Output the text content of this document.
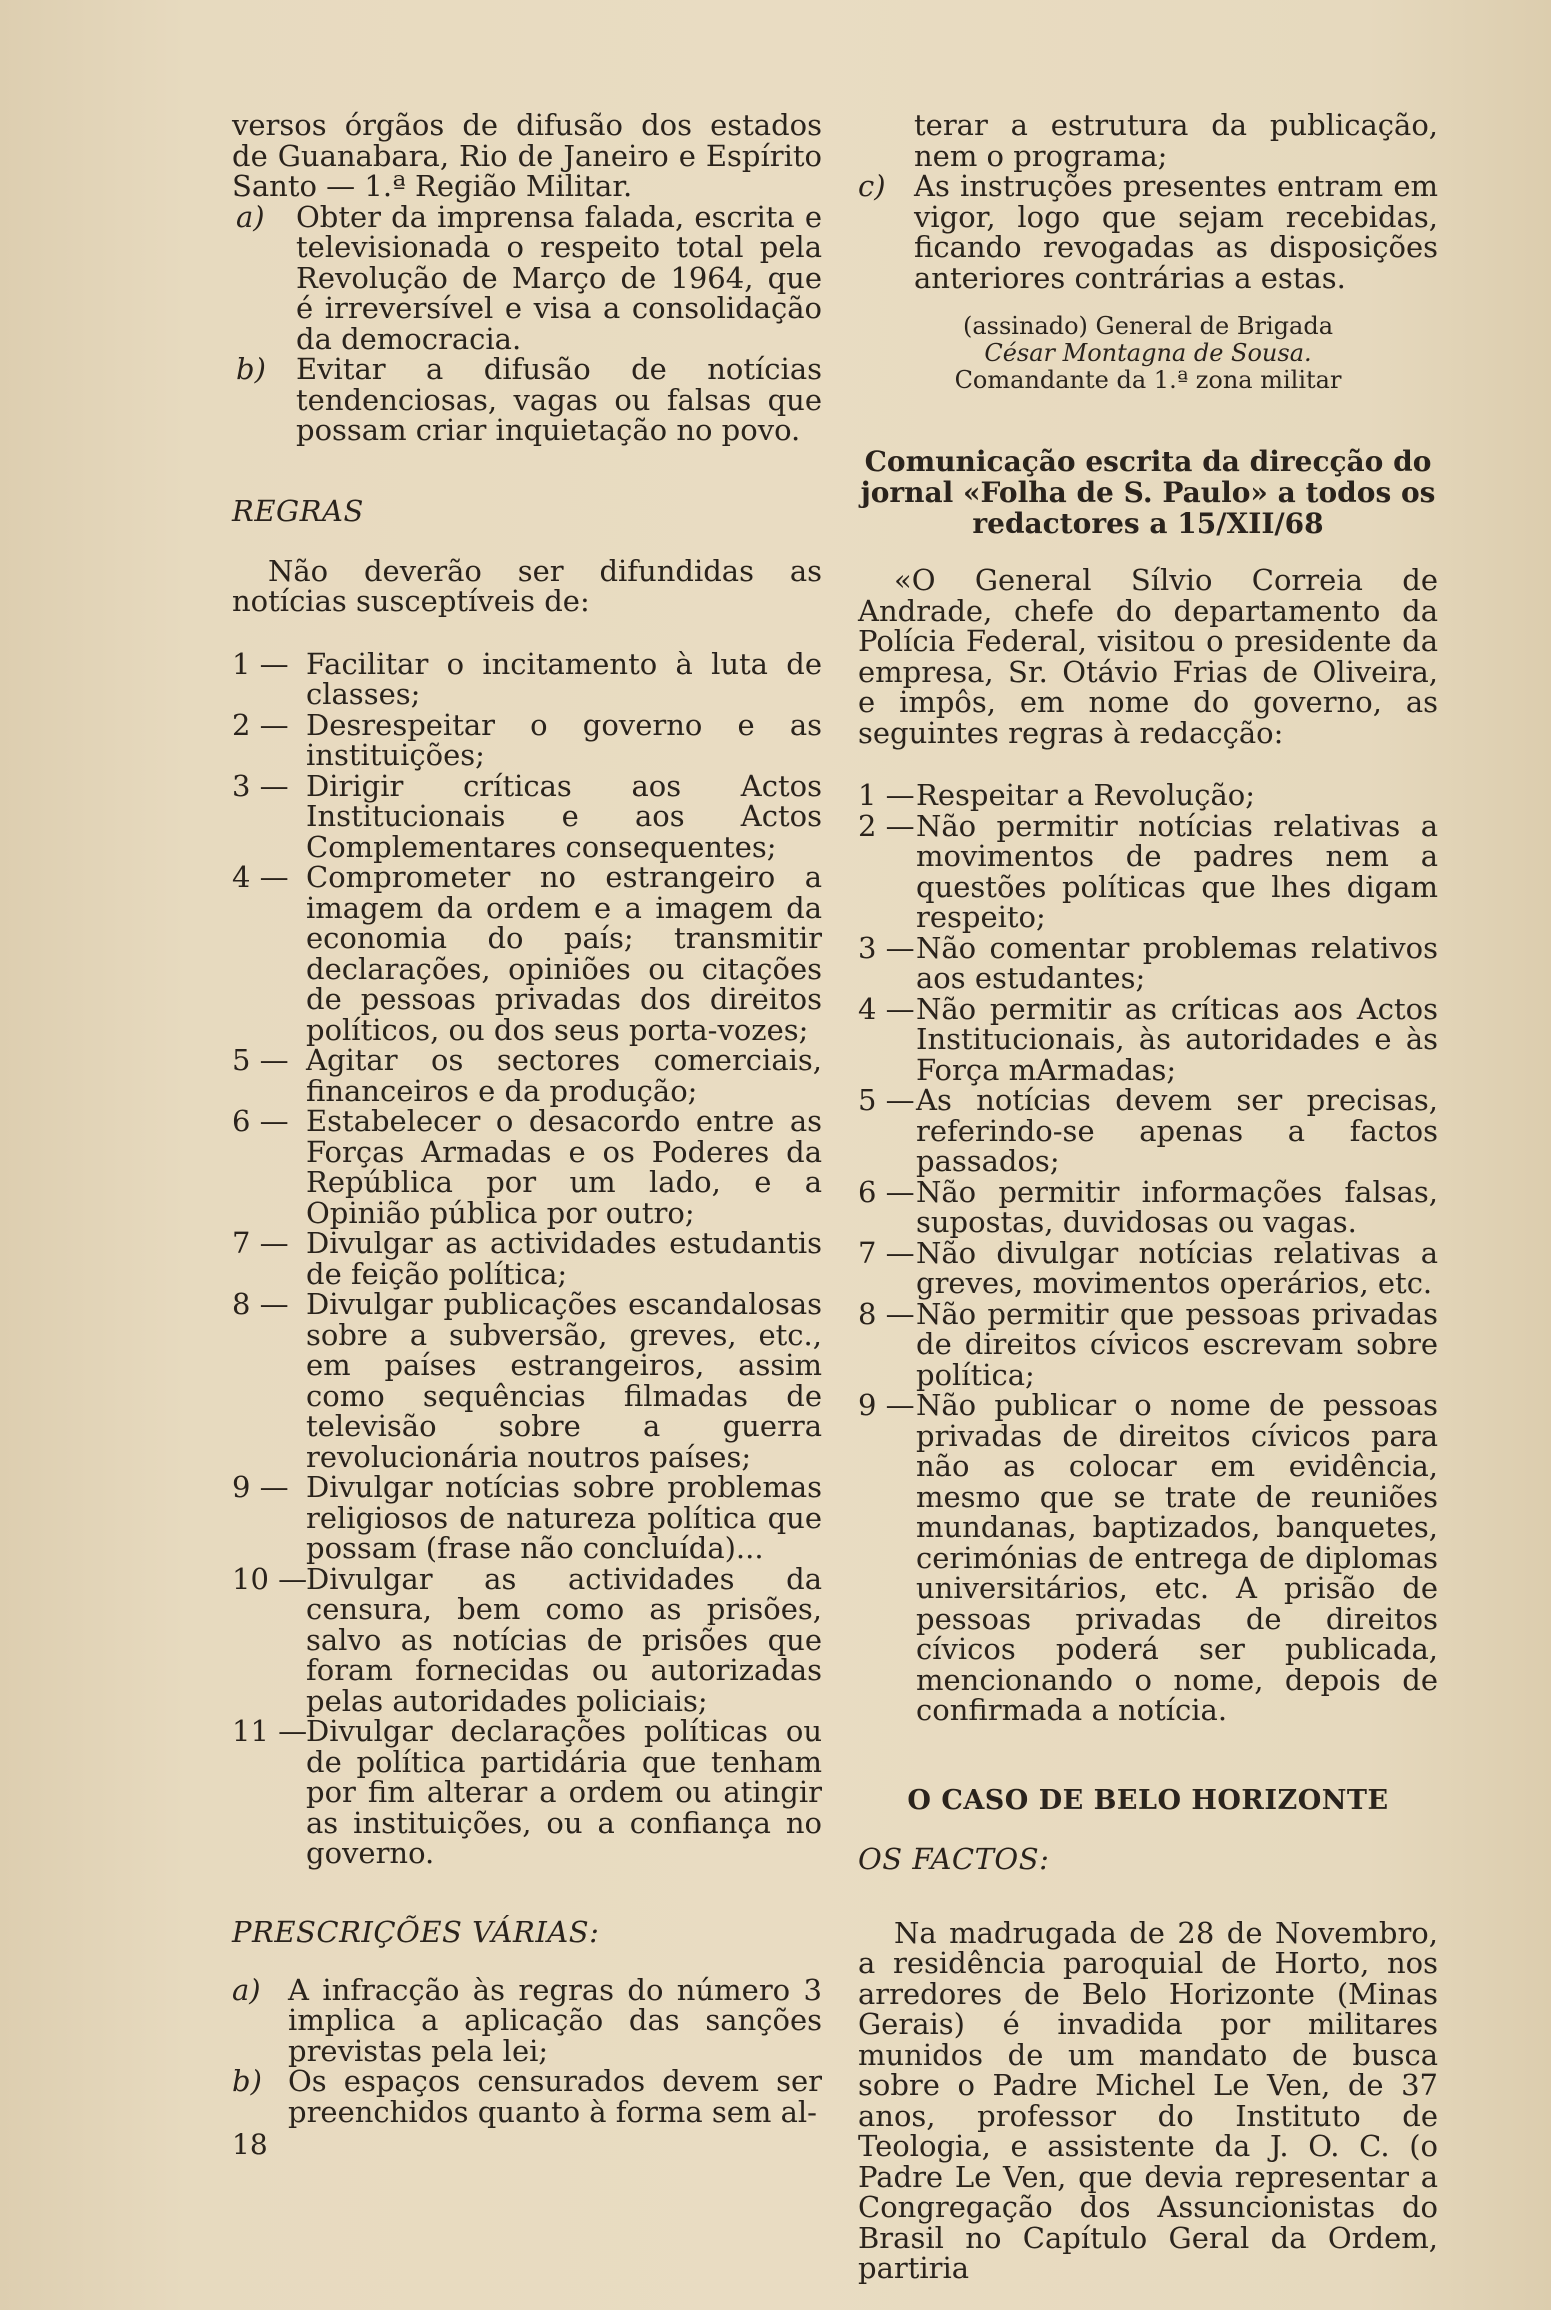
versos órgãos de difusão dos estados de Guanabara, Rio de Janeiro e Espírito Santo — 1.ª Região Militar.

a)	Obter da imprensa falada, escrita e televisionada o respeito total pela Revolução de Março de 1964, que é irreversível e visa a consolidação da democracia.
b)	Evitar a difusão de notícias tendenciosas, vagas ou falsas que possam criar inquietação no povo.
REGRAS

Não deverão ser difundidas as notícias susceptíveis de:

1 — Facilitar o incitamento à luta de classes;
2 — Desrespeitar o governo e as instituições;
3 — Dirigir críticas aos Actos Institucionais e aos Actos Complementares consequentes;
4 — Comprometer no estrangeiro a imagem da ordem e a imagem da economia do país; transmitir declarações, opiniões ou citações de pessoas privadas dos direitos políticos, ou dos seus porta-vozes;
5 — Agitar os sectores comerciais, financeiros e da produção;
6 — Estabelecer o desacordo entre as Forças Armadas e os Poderes da República por um lado, e a Opinião pública por outro;
7 — Divulgar as actividades estudantis de feição política;
8 — Divulgar publicações escandalosas sobre a subversão, greves, etc., em países estrangeiros, assim como sequências filmadas de televisão sobre a guerra revolucionária noutros países;
9 — Divulgar notícias sobre problemas religiosos de natureza política que possam (frase não concluída)...
10 —
Divulgar as actividades da censura, bem como as prisões, salvo as notícias de prisões que foram fornecidas ou autorizadas pelas autoridades policiais;
11 —
Divulgar declarações políticas ou de política partidária que tenham por fim alterar a ordem ou atingir as instituições, ou a confiança no governo.
PRESCRIÇÕES VÁRIAS:
a) A infracção às regras do número 3 implica a aplicação das sanções previstas pela lei;
b) Os espaços censurados devem ser preenchidos quanto à forma sem al-
terar a estrutura da publicação, nem o programa;
c) As instruções presentes entram em vigor, logo que sejam recebidas, ficando revogadas as disposições anteriores contrárias a estas.
(assinado) General de Brigada
César Montagna de Sousa.
Comandante da 1.ª zona militar
Comunicação escrita da direcção do jornal «Folha de S. Paulo» a todos os redactores a 15/XII/68

«O General Sílvio Correia de Andrade, chefe do departamento da Polícia Federal, visitou o presidente da empresa, Sr. Otávio Frias de Oliveira, e impôs, em nome do governo, as seguintes regras à redacção:

1 — Respeitar a Revolução;
2 — Não permitir notícias relativas a movimentos de padres nem a questões políticas que lhes digam respeito;
3 — Não comentar problemas relativos aos estudantes;
4 — Não permitir as críticas aos Actos Institucionais, às autoridades e às Força mArmadas;
5 — As notícias devem ser precisas, referindo-se apenas a factos passados;
6 — Não permitir informações falsas, supostas, duvidosas ou vagas.
7 — Não divulgar notícias relativas a greves, movimentos operários, etc.
8 — Não permitir que pessoas privadas de direitos cívicos escrevam sobre política;
9 — Não publicar o nome de pessoas privadas de direitos cívicos para não as colocar em evidência, mesmo que se trate de reuniões mundanas, baptizados, banquetes, cerimónias de entrega de diplomas universitários, etc. A prisão de pessoas privadas de direitos cívicos poderá ser publicada, mencionando o nome, depois de confirmada a notícia.
O CASO DE BELO HORIZONTE
OS FACTOS:

Na madrugada de 28 de Novembro, a residência paroquial de Horto, nos arredores de Belo Horizonte (Minas Gerais) é invadida por militares munidos de um mandato de busca sobre o Padre Michel Le Ven, de 37 anos, professor do Instituto de Teologia, e assistente da J. O. C. (o Padre Le Ven, que devia representar a Congregação dos Assuncionistas do Brasil no Capítulo Geral da Ordem, partiria

18
